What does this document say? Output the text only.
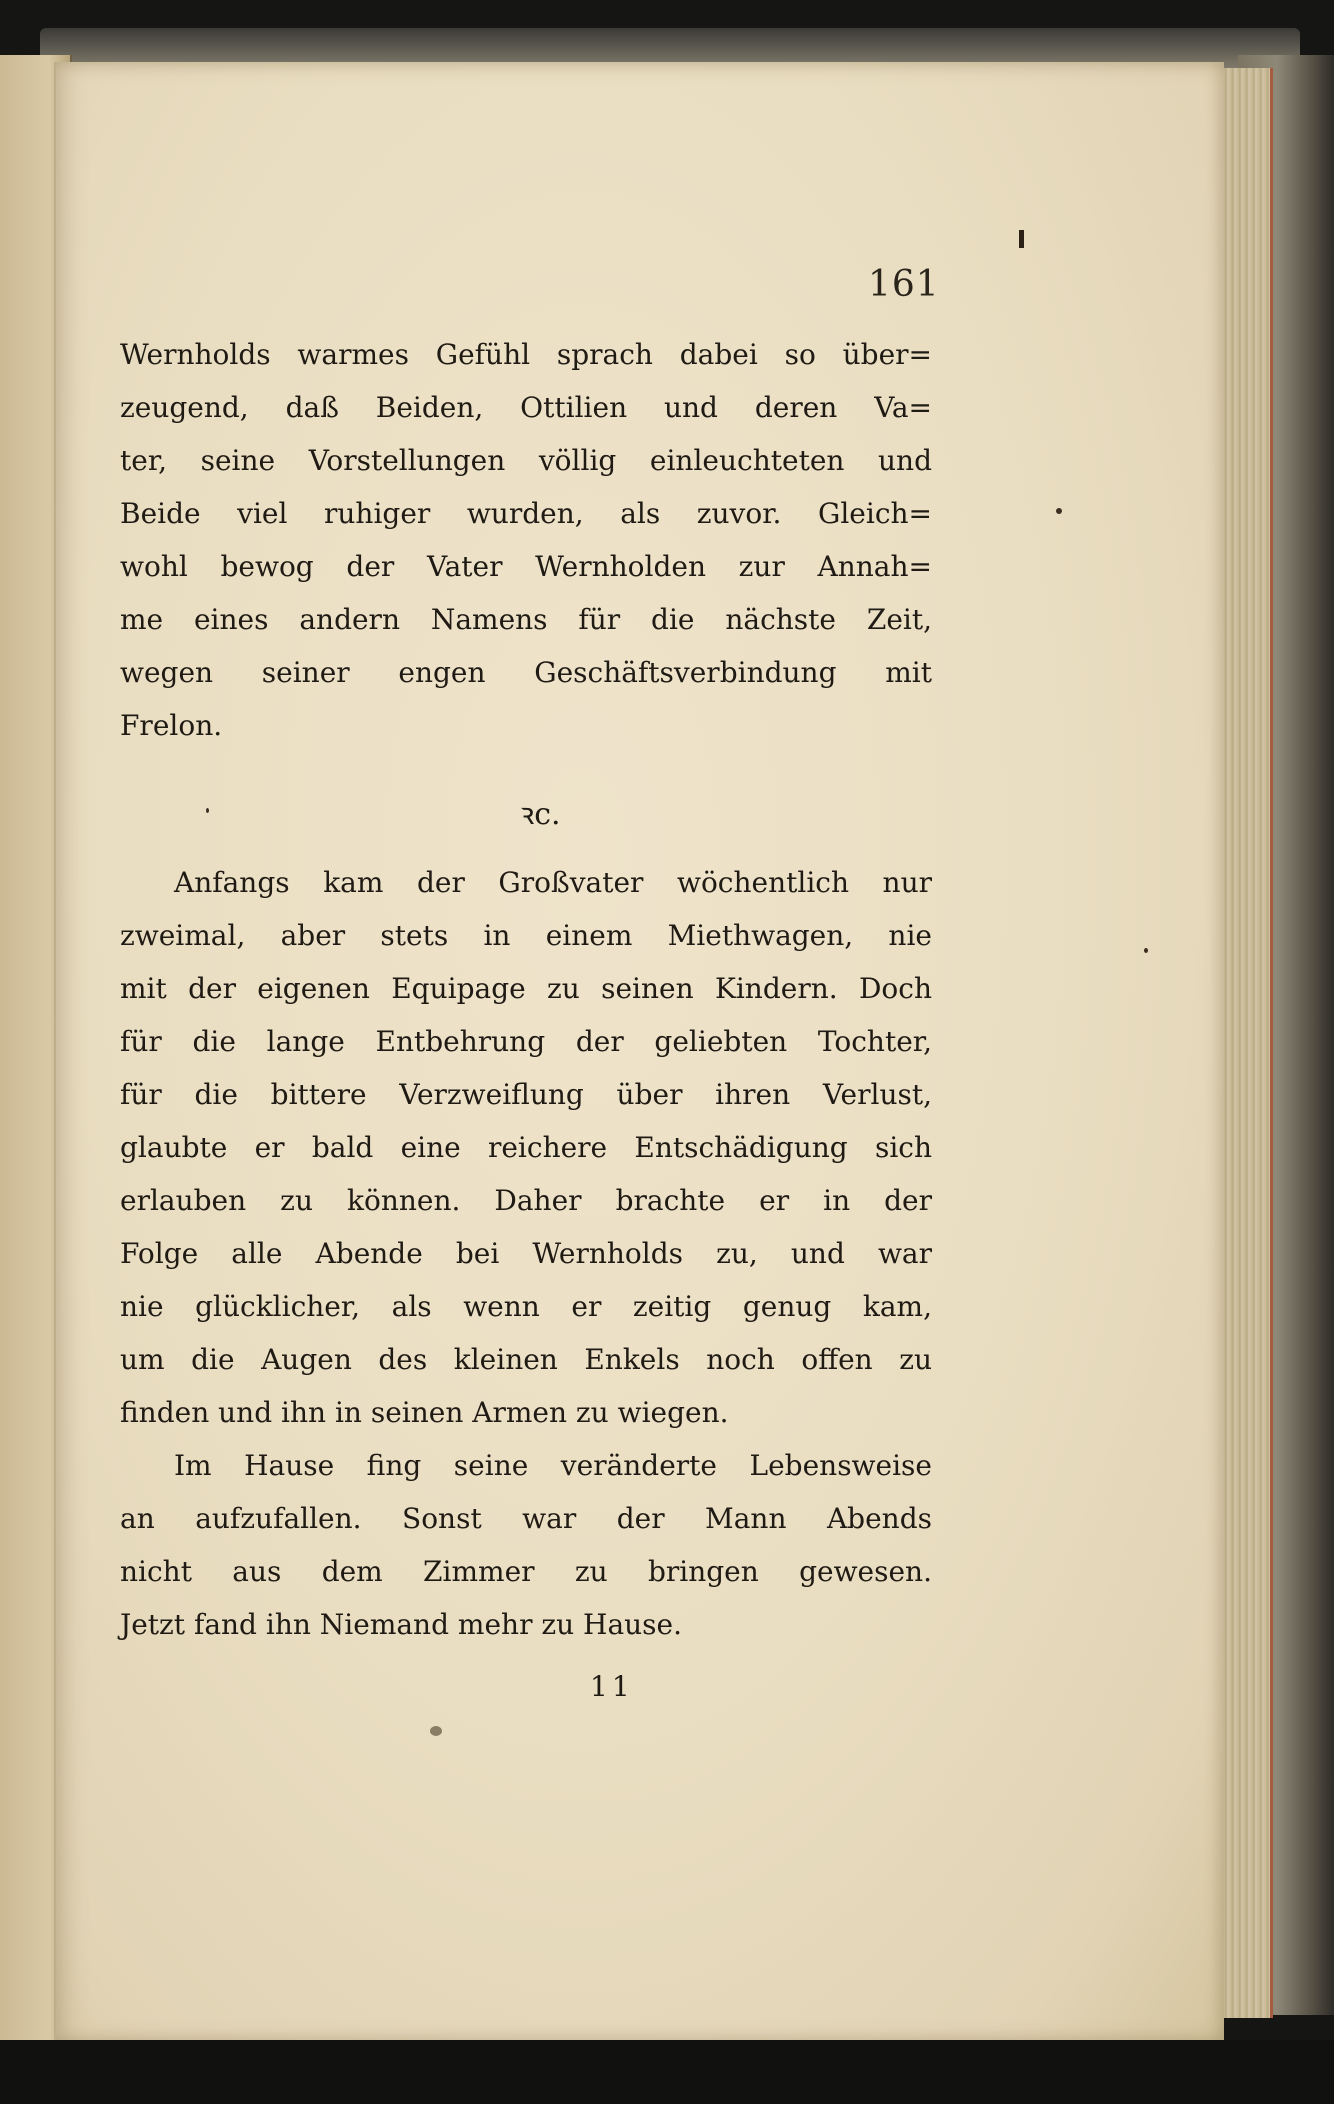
161
Wernholds warmes Gefühl sprach dabei so über=
zeugend, daß Beiden, Ottilien und deren Va=
ter, seine Vorstellungen völlig einleuchteten und
Beide viel ruhiger wurden, als zuvor. Gleich=
wohl bewog der Vater Wernholden zur Annah=
me eines andern Namens für die nächste Zeit,
wegen seiner engen Geschäftsverbindung mit
Frelon.
Anfangs kam der Großvater wöchentlich nur
zweimal, aber stets in einem Miethwagen, nie
mit der eigenen Equipage zu seinen Kindern. Doch
für die lange Entbehrung der geliebten Tochter,
für die bittere Verzweiflung über ihren Verlust,
glaubte er bald eine reichere Entschädigung sich
erlauben zu können. Daher brachte er in der
Folge alle Abende bei Wernholds zu, und war
nie glücklicher, als wenn er zeitig genug kam,
um die Augen des kleinen Enkels noch offen zu
finden und ihn in seinen Armen zu wiegen.
Im Hause fing seine veränderte Lebensweise
an aufzufallen. Sonst war der Mann Abends
nicht aus dem Zimmer zu bringen gewesen.
Jetzt fand ihn Niemand mehr zu Hause.
ꝛc.
11
